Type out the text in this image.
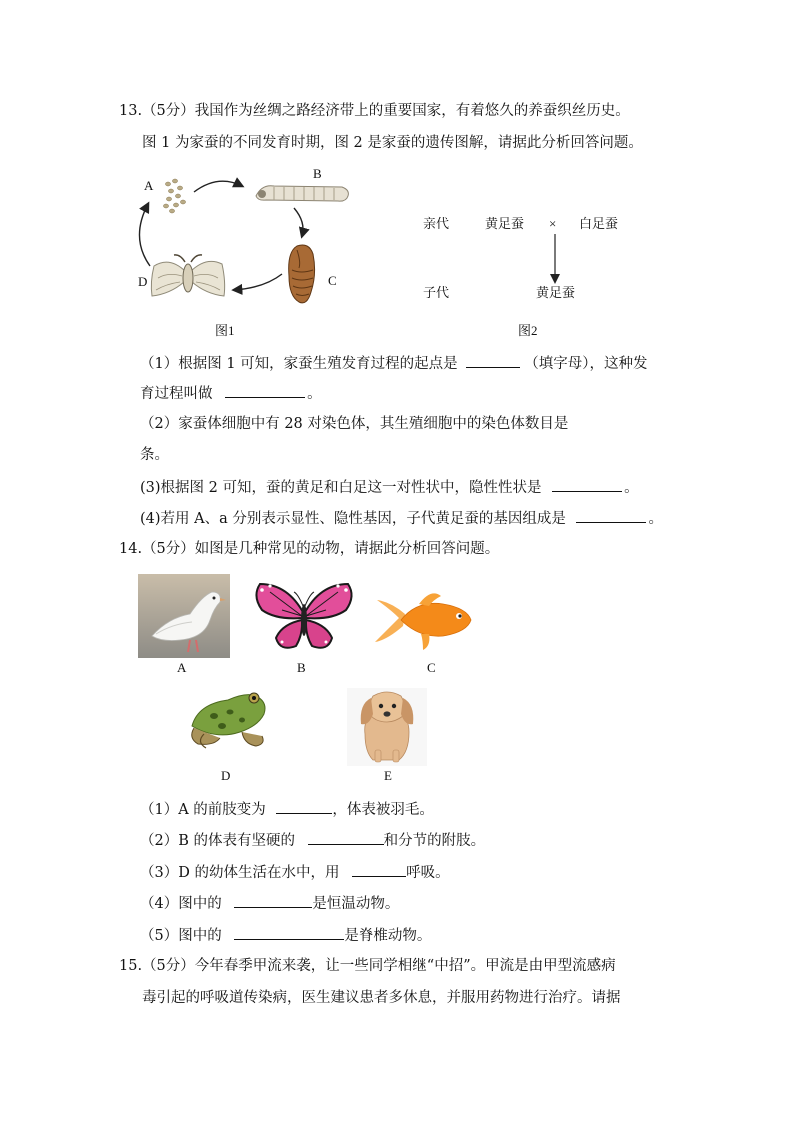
13.（5分）我国作为丝绸之路经济带上的重要国家，有着悠久的养蚕织丝历史。
图 1 为家蚕的不同发育时期，图 2 是家蚕的遗传图解，请据此分析回答问题。
A
B
C
D
图1
亲代	黄足蚕 × 白足蚕
子代	黄足蚕
图2
（1）根据图 1 可知，家蚕生殖发育过程的起点是	（填字母），这种发
育过程叫做	。
（2）家蚕体细胞中有 28 对染色体，其生殖细胞中的染色体数目是
条。
(3)根据图 2 可知，蚕的黄足和白足这一对性状中，隐性性状是	。
(4)若用 A、a 分别表示显性、隐性基因，子代黄足蚕的基因组成是	。
14.（5分）如图是几种常见的动物，请据此分析回答问题。
A	B	C
D	E
（1）A 的前肢变为	，体表被羽毛。
（2）B 的体表有坚硬的	和分节的附肢。
（3）D 的幼体生活在水中，用	呼吸。
（4）图中的	是恒温动物。
（5）图中的	是脊椎动物。
15.（5分）今年春季甲流来袭，让一些同学相继“中招”。甲流是由甲型流感病
毒引起的呼吸道传染病，医生建议患者多休息，并服用药物进行治疗。请据
